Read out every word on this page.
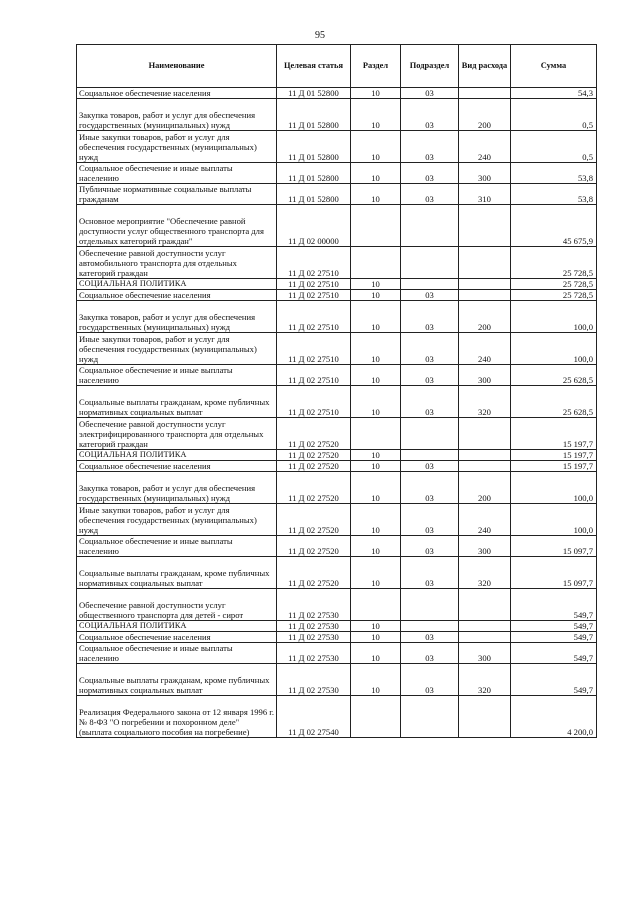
95
Наименование	Целевая статья	Раздел	Подраздел	Вид расхода	Сумма
Социальное обеспечение населения	11 Д 01 52800	10	03		54,3
Закупка товаров, работ и услуг для обеспечения государственных (муниципальных) нужд	11 Д 01 52800	10	03	200	0,5
Иные закупки товаров, работ и услуг для обеспечения государственных (муниципальных) нужд	11 Д 01 52800	10	03	240	0,5
Социальное обеспечение и иные выплаты населению	11 Д 01 52800	10	03	300	53,8
Публичные нормативные социальные выплаты гражданам	11 Д 01 52800	10	03	310	53,8
Основное мероприятие "Обеспечение равной доступности услуг общественного транспорта для отдельных категорий граждан"	11 Д 02 00000				45 675,9
Обеспечение равной доступности услуг автомобильного транспорта для отдельных категорий граждан	11 Д 02 27510				25 728,5
СОЦИАЛЬНАЯ ПОЛИТИКА	11 Д 02 27510	10			25 728,5
Социальное обеспечение населения	11 Д 02 27510	10	03		25 728,5
Закупка товаров, работ и услуг для обеспечения государственных (муниципальных) нужд	11 Д 02 27510	10	03	200	100,0
Иные закупки товаров, работ и услуг для обеспечения государственных (муниципальных) нужд	11 Д 02 27510	10	03	240	100,0
Социальное обеспечение и иные выплаты населению	11 Д 02 27510	10	03	300	25 628,5
Социальные выплаты гражданам, кроме публичных нормативных социальных выплат	11 Д 02 27510	10	03	320	25 628,5
Обеспечение равной доступности услуг электрифицированного транспорта для отдельных категорий граждан	11 Д 02 27520				15 197,7
СОЦИАЛЬНАЯ ПОЛИТИКА	11 Д 02 27520	10			15 197,7
Социальное обеспечение населения	11 Д 02 27520	10	03		15 197,7
Закупка товаров, работ и услуг для обеспечения государственных (муниципальных) нужд	11 Д 02 27520	10	03	200	100,0
Иные закупки товаров, работ и услуг для обеспечения государственных (муниципальных) нужд	11 Д 02 27520	10	03	240	100,0
Социальное обеспечение и иные выплаты населению	11 Д 02 27520	10	03	300	15 097,7
Социальные выплаты гражданам, кроме публичных нормативных социальных выплат	11 Д 02 27520	10	03	320	15 097,7
Обеспечение равной доступности услуг общественного транспорта для детей - сирот	11 Д 02 27530				549,7
СОЦИАЛЬНАЯ ПОЛИТИКА	11 Д 02 27530	10			549,7
Социальное обеспечение населения	11 Д 02 27530	10	03		549,7
Социальное обеспечение и иные выплаты населению	11 Д 02 27530	10	03	300	549,7
Социальные выплаты гражданам, кроме публичных нормативных социальных выплат	11 Д 02 27530	10	03	320	549,7
Реализация Федерального закона от 12 января 1996 г. № 8-ФЗ "О погребении и похоронном деле" (выплата социального пособия на погребение)	11 Д 02 27540				4 200,0
